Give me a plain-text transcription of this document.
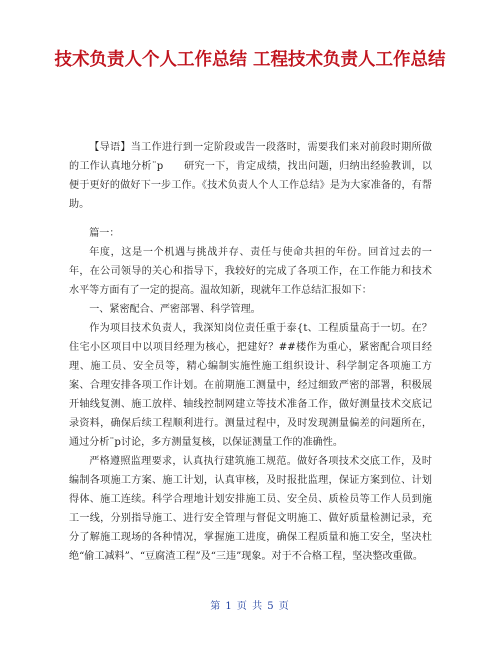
技术负责人个人工作总结 工程技术负责人工作总结

【导语】当工作进行到一定阶段或告一段落时，需要我们来对前段时期所做的工作认真地分析¨p　　研究一下，肯定成绩，找出问题，归纳出经验教训，以便于更好的做好下一步工作。《技术负责人个人工作总结》是为大家准备的，有帮助。

篇一：

年度，这是一个机遇与挑战并存、责任与使命共担的年份。回首过去的一年，在公司领导的关心和指导下，我较好的完成了各项工作，在工作能力和技术水平等方面有了一定的提高。温故知新，现就年工作总结汇报如下：

一、紧密配合、严密部署、科学管理。

作为项目技术负责人，我深知岗位责任重于泰{t、工程质量高于一切。在？住宅小区项目中以项目经理为核心，把建好？##楼作为重心，紧密配合项目经理、施工员、安全员等，精心编制实施性施工组织设计、科学制定各项施工方案、合理安排各项工作计划。在前期施工测量中，经过细致严密的部署，积极展开轴线复测、施工放样、轴线控制网建立等技术准备工作，做好测量技术交底记录资料，确保后续工程顺利进行。测量过程中，及时发现测量偏差的问题所在，通过分析¨p讨论，多方测量复核，以保证测量工作的准确性。

严格遵照监理要求，认真执行建筑施工规范。做好各项技术交底工作，及时编制各项施工方案、施工计划，认真审核，及时报批监理，保证方案到位、计划得体、施工连续。科学合理地计划安排施工员、安全员、质检员等工作人员到施工一线，分别指导施工、进行安全管理与督促文明施工、做好质量检测记录，充分了解施工现场的各种情况，掌握施工进度，确保工程质量和施工安全，坚决杜绝“偷工减料”、“豆腐渣工程”及“三违”现象。对于不合格工程，坚决整改重做。

第 1 页 共 5 页
